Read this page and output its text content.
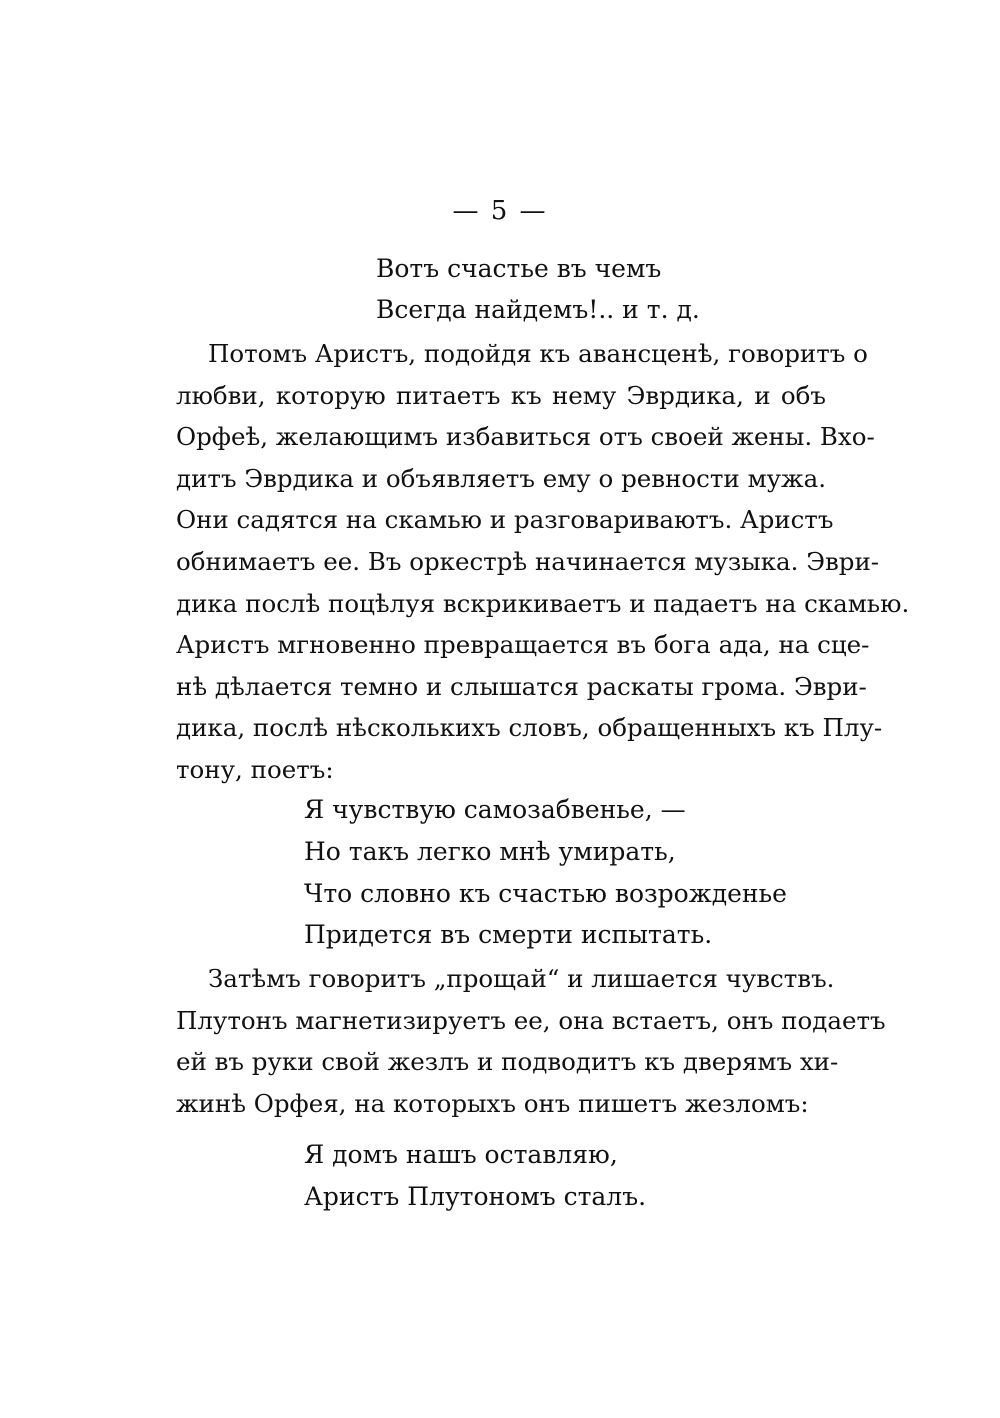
— 5 —
Вотъ счастье въ чемъ
Всегда найдемъ!.. и т. д.

Потомъ Аристъ, подойдя къ авансценѣ, говоритъ о
любви, которую питаетъ къ нему Эврдика, и объ
Орфеѣ, желающимъ избавиться отъ своей жены. Вхо-
дитъ Эврдика и объявляетъ ему о ревности мужа.
Они садятся на скамью и разговариваютъ. Аристъ
обнимаетъ ее. Въ оркестрѣ начинается музыка. Эври-
дика послѣ поцѣлуя вскрикиваетъ и падаетъ на скамью.
Аристъ мгновенно превращается въ бога ада, на сце-
нѣ дѣлается темно и слышатся раскаты грома. Эври-
дика, послѣ нѣсколькихъ словъ, обращенныхъ къ Плу-
тону, поетъ:

Я чувствую самозабвенье, —
Но такъ легко мнѣ умирать,
Что словно къ счастью возрожденье
Придется въ смерти испытать.

Затѣмъ говоритъ „прощай“ и лишается чувствъ.
Плутонъ магнетизируетъ ее, она встаетъ, онъ подаетъ
ей въ руки свой жезлъ и подводитъ къ дверямъ хи-
жинѣ Орфея, на которыхъ онъ пишетъ жезломъ:

Я домъ нашъ оставляю,
Аристъ Плутономъ сталъ.
